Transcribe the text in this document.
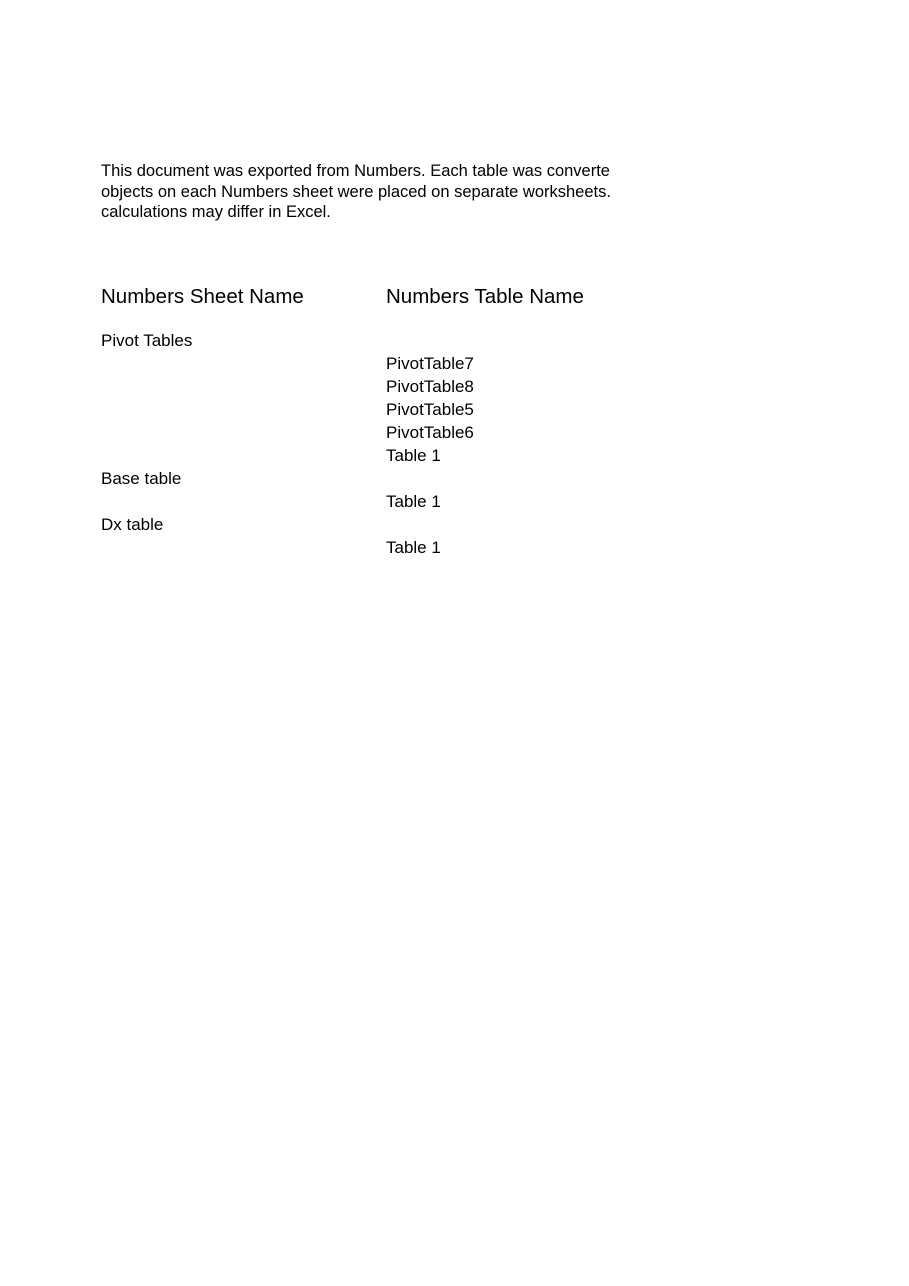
This document was exported from Numbers. Each table was converte
objects on each Numbers sheet were placed on separate worksheets.
calculations may differ in Excel.
Numbers Sheet Name	Numbers Table Name
Pivot Tables
PivotTable7
PivotTable8
PivotTable5
PivotTable6
Table 1
Base table
Table 1
Dx table
Table 1
